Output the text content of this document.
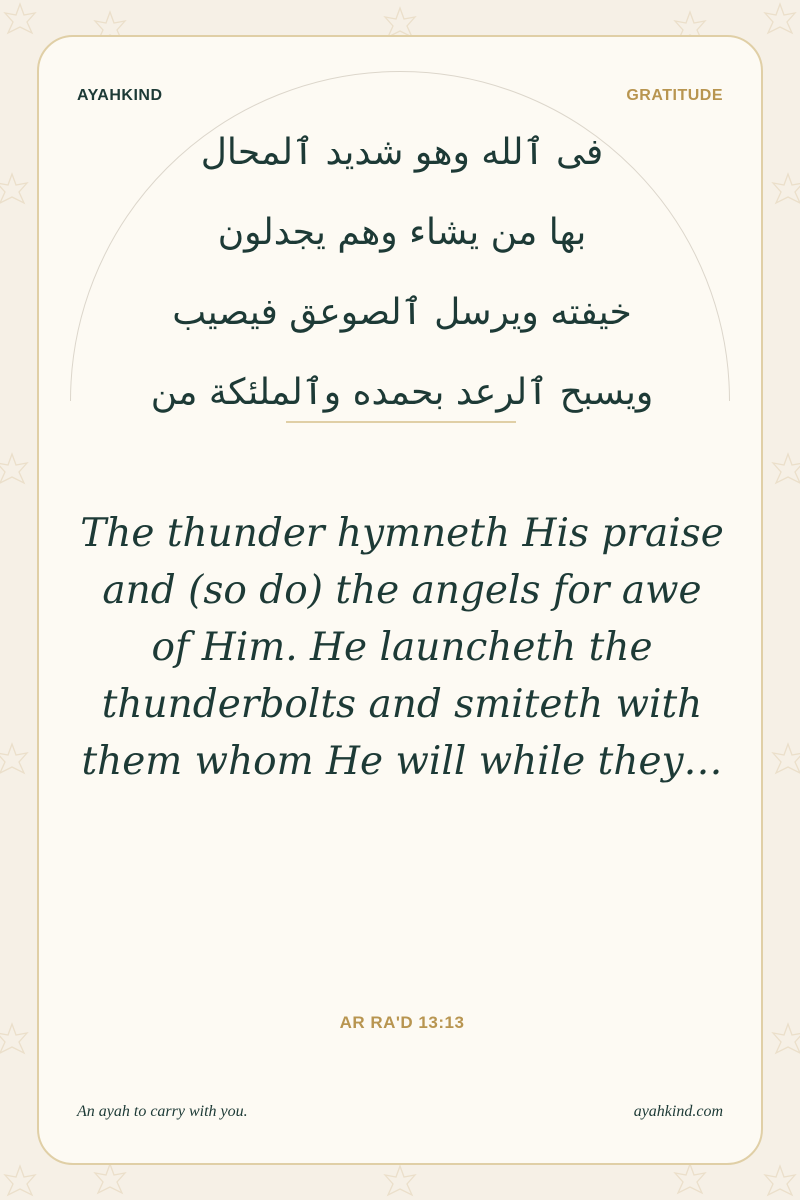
AYAHKIND	GRATITUDE
فى ٱلله وهو شديد ٱلمحال
بها من يشاء وهم يجدلون
خيفته ويرسل ٱلصوعق فيصيب
ويسبح ٱلرعد بحمده وٱلملئكة من
The thunder hymneth His praise and (so do) the angels for awe of Him. He launcheth the thunderbolts and smiteth with them whom He will while they…
AR RA'D 13:13
An ayah to carry with you.	ayahkind.com
